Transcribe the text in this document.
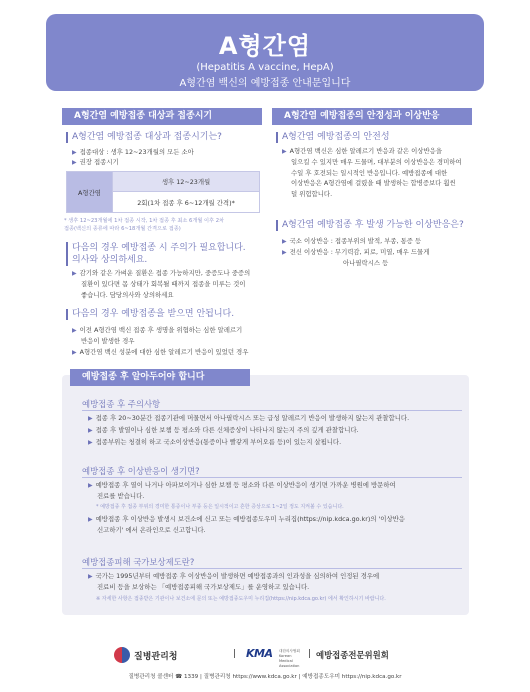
A형간염
(Hepatitis A vaccine, HepA)
A형간염 백신의 예방접종 안내문입니다
A형간염 예방접종 대상과 접종시기
A형간염 예방접종 대상과 접종시기는?
▶ 접종대상 : 생후 12~23개월의 모든 소아
▶ 권장 접종시기
A형간염	생후 12~23개월
2회(1차 접종 후 6~12개월 간격)*
* 생후 12~23개월에 1차 접종 시작, 1차 접종 후 최소 6개월 이후 2차
접종(백신의 종류에 따라 6~18개월 간격으로 접종)
다음의 경우 예방접종 시 주의가 필요합니다.
의사와 상의하세요.
▶ 감기와 같은 가벼운 질환은 접종 가능하지만, 중증도나 중증의
질환이 있다면 몸 상태가 회복될 때까지 접종을 미루는 것이
좋습니다. 담당의사와 상의하세요
다음의 경우 예방접종을 받으면 안됩니다.
▶ 이전 A형간염 백신 접종 후 생명을 위협하는 심한 알레르기
반응이 발생한 경우
▶ A형간염 백신 성분에 대한 심한 알레르기 반응이 있었던 경우
A형간염 예방접종의 안정성과 이상반응
A형간염 예방접종의 안전성
▶ A형간염 백신은 심한 알레르기 반응과 같은 이상반응을
일으킬 수 있지만 매우 드물며, 대부분의 이상반응은 경미하여
수일 후 호전되는 일시적인 반응입니다. 예방접종에 대한
이상반응은 A형간염에 걸렸을 때 발생하는 합병증보다 훨씬
덜 위험합니다.
A형간염 예방접종 후 발생 가능한 이상반응은?
▶ 국소 이상반응 : 접종부위의 발적, 부종, 통증 등
▶ 전신 이상반응 : 무기력감, 피로, 미열, 매우 드물게
아나필락시스 등
예방접종 후 알아두어야 합니다
예방접종 후 주의사항
▶ 접종 후 20~30분간 접종기관에 머물면서 아나필락시스 또는 급성 알레르기 반응이 발생하지 않는지 관찰합니다.
▶ 접종 후 발열이나 심한 보챔 등 평소와 다른 신체증상이 나타나지 않는지 주의 깊게 관찰합니다.
▶ 접종부위는 청결히 하고 국소이상반응(통증이나 빨갛게 부어오름 등)이 있는지 살핍니다.
예방접종 후 이상반응이 생기면?
▶ 예방접종 후 열이 나거나 아파보이거나 심한 보챔 등 평소와 다른 이상반응이 생기면 가까운 병원에 방문하여
진료를 받습니다.
* 예방접종 후 접종 부위의 경미한 통증이나 부종 등은 일시적이고 흔한 증상으로 1~2일 정도 지켜볼 수 있습니다.
▶ 예방접종 후 이상반응 발생시 보건소에 신고 또는 예방접종도우미 누리집(https://nip.kdca.go.kr)의 '이상반응
신고하기' 에서 온라인으로 신고합니다.
예방접종피해 국가보상제도란?
▶ 국가는 1995년부터 예방접종 후 이상반응이 발생하면 예방접종과의 인과성을 심의하여 인정된 경우에
진료비 등을 보상하는 「예방접종피해 국가보상제도」를 운영하고 있습니다.
※ 자세한 사항은 접종받은 기관이나 보건소에 문의 또는 예방접종도우미 누리집(https://nip.kdca.go.kr) 에서 확인하시기 바랍니다.
질병관리청	| KMA 대한의사협회 Korean Medical Association
| 예방접종전문위원회
질병관리청 콜센터 ☎ 1339 | 질병관리청 https://www.kdca.go.kr | 예방접종도우미 https://nip.kdca.go.kr
